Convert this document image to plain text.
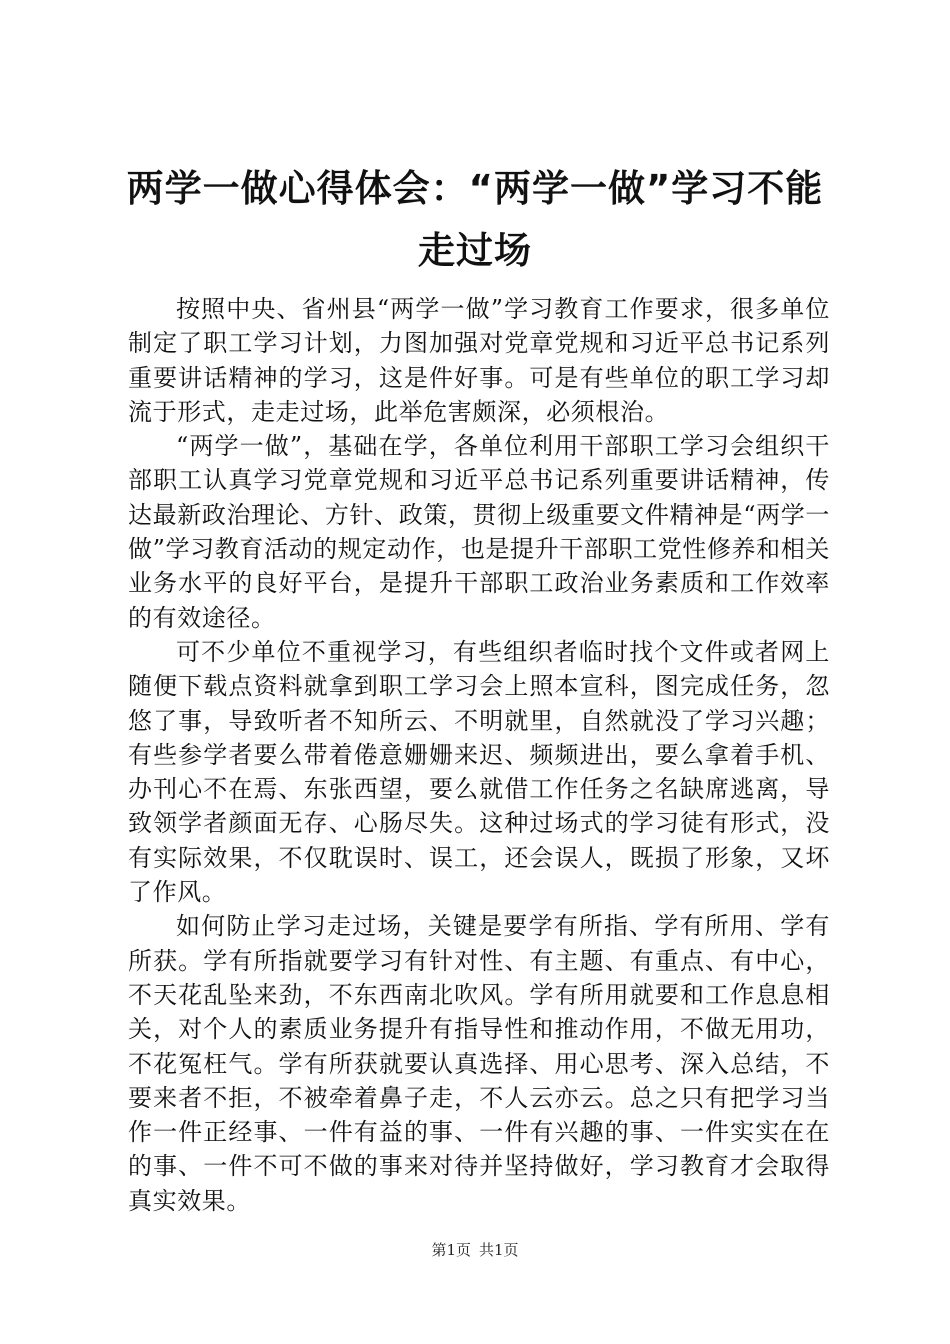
两学一做心得体会：“两学一做”学习不能走过场

按照中央、省州县“两学一做”学习教育工作要求，很多单位制定了职工学习计划，力图加强对党章党规和习近平总书记系列重要讲话精神的学习，这是件好事。可是有些单位的职工学习却流于形式，走走过场，此举危害颇深，必须根治。

“两学一做”，基础在学，各单位利用干部职工学习会组织干部职工认真学习党章党规和习近平总书记系列重要讲话精神，传达最新政治理论、方针、政策，贯彻上级重要文件精神是“两学一做”学习教育活动的规定动作，也是提升干部职工党性修养和相关业务水平的良好平台，是提升干部职工政治业务素质和工作效率的有效途径。

可不少单位不重视学习，有些组织者临时找个文件或者网上随便下载点资料就拿到职工学习会上照本宣科，图完成任务，忽悠了事，导致听者不知所云、不明就里，自然就没了学习兴趣；有些参学者要么带着倦意姗姗来迟、频频进出，要么拿着手机、办刊心不在焉、东张西望，要么就借工作任务之名缺席逃离，导致领学者颜面无存、心肠尽失。这种过场式的学习徒有形式，没有实际效果，不仅耽误时、误工，还会误人，既损了形象，又坏了作风。

如何防止学习走过场，关键是要学有所指、学有所用、学有所获。学有所指就要学习有针对性、有主题、有重点、有中心，不天花乱坠来劲，不东西南北吹风。学有所用就要和工作息息相关，对个人的素质业务提升有指导性和推动作用，不做无用功，不花冤枉气。学有所获就要认真选择、用心思考、深入总结，不要来者不拒，不被牵着鼻子走，不人云亦云。总之只有把学习当作一件正经事、一件有益的事、一件有兴趣的事、一件实实在在的事、一件不可不做的事来对待并坚持做好，学习教育才会取得真实效果。

第1页 共1页
